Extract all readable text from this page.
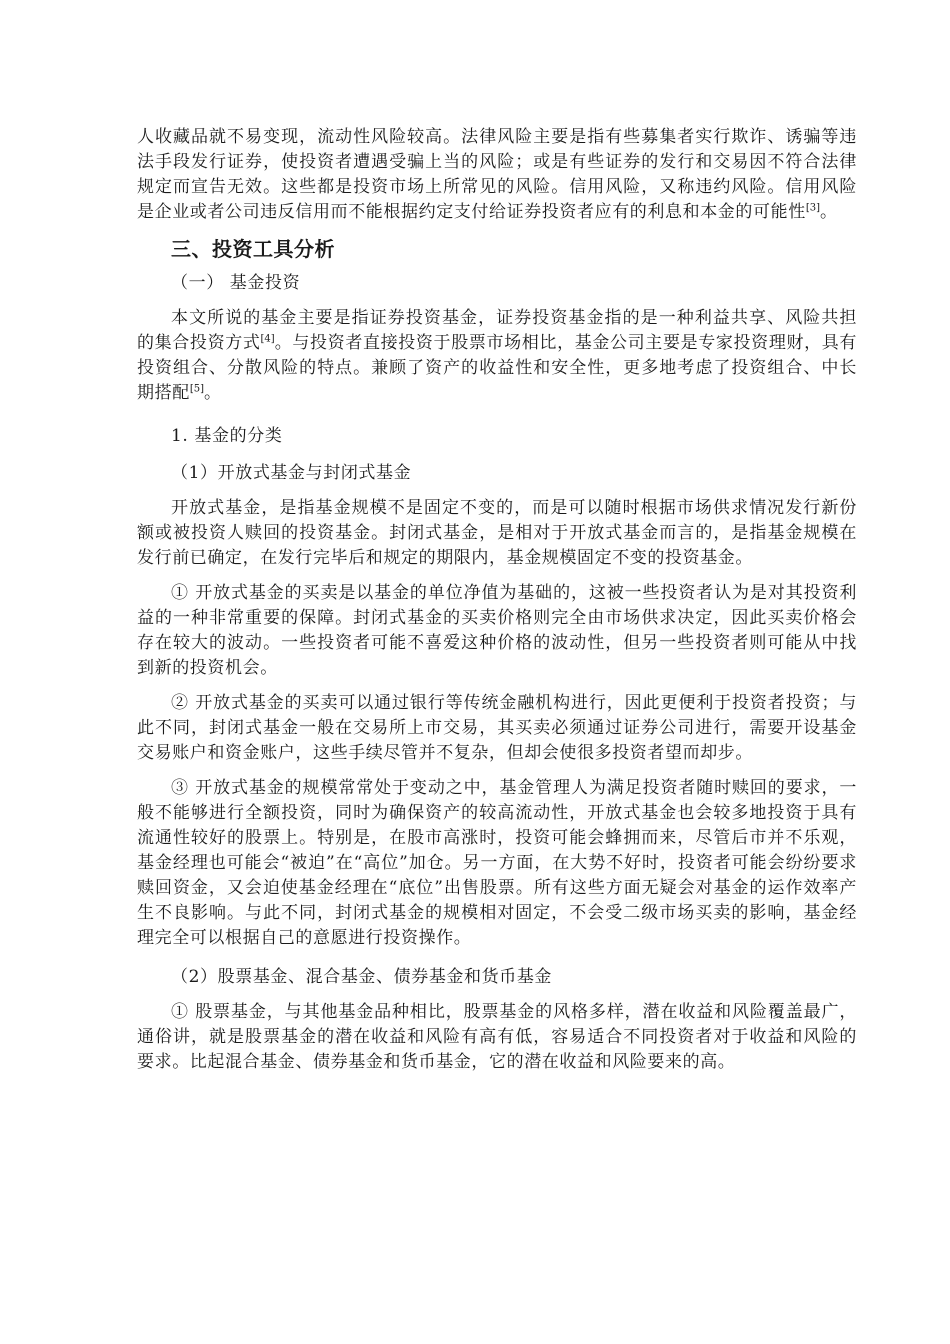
人收藏品就不易变现，流动性风险较高。法律风险主要是指有些募集者实行欺诈、诱骗等违法手段发行证券，使投资者遭遇受骗上当的风险；或是有些证券的发行和交易因不符合法律规定而宣告无效。这些都是投资市场上所常见的风险。信用风险，又称违约风险。信用风险是企业或者公司违反信用而不能根据约定支付给证券投资者应有的利息和本金的可能性[3]。

三、投资工具分析

（一） 基金投资

本文所说的基金主要是指证券投资基金，证券投资基金指的是一种利益共享、风险共担的集合投资方式[4]。与投资者直接投资于股票市场相比，基金公司主要是专家投资理财，具有投资组合、分散风险的特点。兼顾了资产的收益性和安全性，更多地考虑了投资组合、中长期搭配[5]。

1. 基金的分类

（1）开放式基金与封闭式基金

开放式基金，是指基金规模不是固定不变的，而是可以随时根据市场供求情况发行新份额或被投资人赎回的投资基金。封闭式基金，是相对于开放式基金而言的，是指基金规模在发行前已确定，在发行完毕后和规定的期限内，基金规模固定不变的投资基金。

① 开放式基金的买卖是以基金的单位净值为基础的，这被一些投资者认为是对其投资利益的一种非常重要的保障。封闭式基金的买卖价格则完全由市场供求决定，因此买卖价格会存在较大的波动。一些投资者可能不喜爱这种价格的波动性，但另一些投资者则可能从中找到新的投资机会。

② 开放式基金的买卖可以通过银行等传统金融机构进行，因此更便利于投资者投资；与此不同，封闭式基金一般在交易所上市交易，其买卖必须通过证券公司进行，需要开设基金交易账户和资金账户，这些手续尽管并不复杂，但却会使很多投资者望而却步。

③ 开放式基金的规模常常处于变动之中，基金管理人为满足投资者随时赎回的要求，一般不能够进行全额投资，同时为确保资产的较高流动性，开放式基金也会较多地投资于具有流通性较好的股票上。特别是，在股市高涨时，投资可能会蜂拥而来，尽管后市并不乐观，基金经理也可能会“被迫”在“高位”加仓。另一方面，在大势不好时，投资者可能会纷纷要求赎回资金，又会迫使基金经理在“底位”出售股票。所有这些方面无疑会对基金的运作效率产生不良影响。与此不同，封闭式基金的规模相对固定，不会受二级市场买卖的影响，基金经理完全可以根据自己的意愿进行投资操作。

（2）股票基金、混合基金、债券基金和货币基金

① 股票基金，与其他基金品种相比，股票基金的风格多样，潜在收益和风险覆盖最广，通俗讲，就是股票基金的潜在收益和风险有高有低，容易适合不同投资者对于收益和风险的要求。比起混合基金、债券基金和货币基金，它的潜在收益和风险要来的高。
